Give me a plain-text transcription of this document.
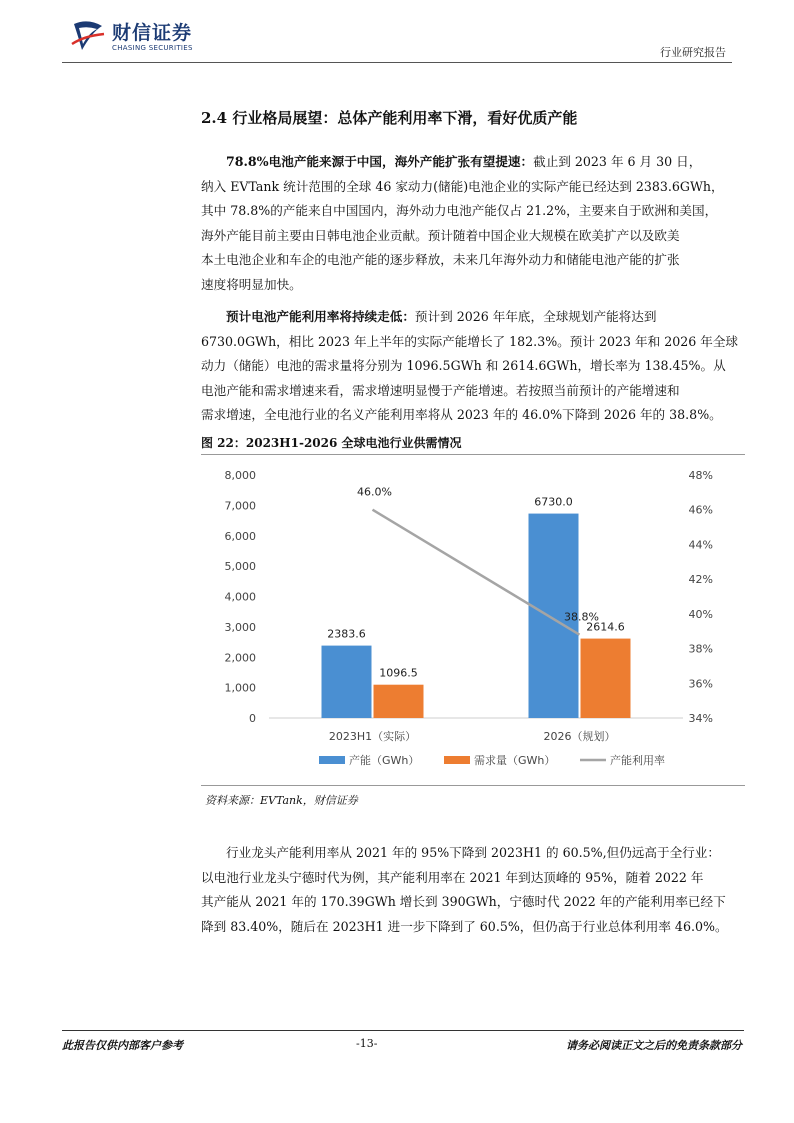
财信证券
CHASING SECURITIES	行业研究报告
2.4 行业格局展望：总体产能利用率下滑，看好优质产能
78.8%电池产能来源于中国，海外产能扩张有望提速：截止到 2023 年 6 月 30 日，
纳入 EVTank 统计范围的全球 46 家动力(储能)电池企业的实际产能已经达到 2383.6GWh，
其中 78.8%的产能来自中国国内，海外动力电池产能仅占 21.2%，主要来自于欧洲和美国，
海外产能目前主要由日韩电池企业贡献。预计随着中国企业大规模在欧美扩产以及欧美
本土电池企业和车企的电池产能的逐步释放，未来几年海外动力和储能电池产能的扩张
速度将明显加快。
预计电池产能利用率将持续走低：预计到 2026 年年底，全球规划产能将达到
6730.0GWh，相比 2023 年上半年的实际产能增长了 182.3%。预计 2023 年和 2026 年全球
动力（储能）电池的需求量将分别为 1096.5GWh 和 2614.6GWh，增长率为 138.45%。从
电池产能和需求增速来看，需求增速明显慢于产能增速。若按照当前预计的产能增速和
需求增速，全电池行业的名义产能利用率将从 2023 年的 46.0%下降到 2026 年的 38.8%。
图 22：2023H1-2026 全球电池行业供需情况
0
1,000
2,000
3,000
4,000
5,000
6,000
7,000
8,000
34%
36%
38%
40%
42%
44%
46%
48%
2023H1（实际）	2026（规划）
2383.6
6730.0
1096.5
2614.6
46.0%
38.8%
产能（GWh）	需求量（GWh）	产能利用率
资料来源：EVTank，财信证券
行业龙头产能利用率从 2021 年的 95%下降到 2023H1 的 60.5%,但仍远高于全行业：
以电池行业龙头宁德时代为例，其产能利用率在 2021 年到达顶峰的 95%，随着 2022 年
其产能从 2021 年的 170.39GWh 增长到 390GWh，宁德时代 2022 年的产能利用率已经下
降到 83.40%，随后在 2023H1 进一步下降到了 60.5%，但仍高于行业总体利用率 46.0%。
此报告仅供内部客户参考	-13-	请务必阅读正文之后的免责条款部分
